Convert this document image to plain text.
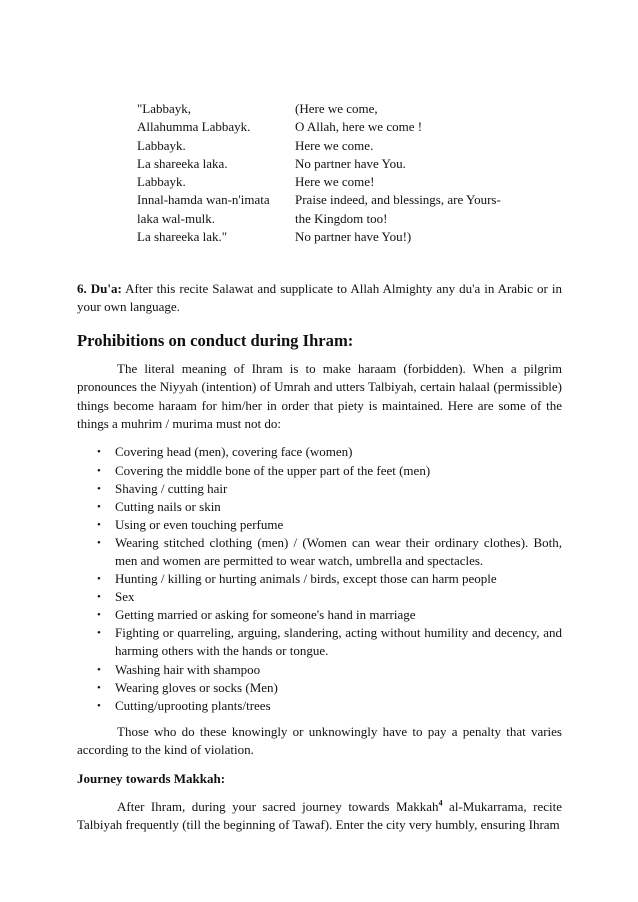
"Labbayk,	(Here we come,
Allahumma Labbayk.	O Allah, here we come !
Labbayk.	Here we come.
La shareeka laka.	No partner have You.
Labbayk.	Here we come!
Innal-hamda wan-n'imata	Praise indeed, and blessings, are Yours-
laka wal-mulk.	the Kingdom too!
La shareeka lak."	No partner have You!)

6. Du'a: After this recite Salawat and supplicate to Allah Almighty any du'a in Arabic or in your own language.

Prohibitions on conduct during Ihram:

The literal meaning of Ihram is to make haraam (forbidden). When a pilgrim pronounces the Niyyah (intention) of Umrah and utters Talbiyah, certain halaal (permissible) things become haraam for him/her in order that piety is maintained. Here are some of the things a muhrim / murima must not do:

• Covering head (men), covering face (women)
• Covering the middle bone of the upper part of the feet (men)
• Shaving / cutting hair
• Cutting nails or skin
• Using or even touching perfume
• Wearing stitched clothing (men) / (Women can wear their ordinary clothes). Both, men and women are permitted to wear watch, umbrella and spectacles.
• Hunting / killing or hurting animals / birds, except those can harm people
• Sex
• Getting married or asking for someone's hand in marriage
• Fighting or quarreling, arguing, slandering, acting without humility and decency, and harming others with the hands or tongue.
• Washing hair with shampoo
• Wearing gloves or socks (Men)
• Cutting/uprooting plants/trees

Those who do these knowingly or unknowingly have to pay a penalty that varies according to the kind of violation.

Journey towards Makkah:

After Ihram, during your sacred journey towards Makkah$^4$ al-Mukarrama, recite Talbiyah frequently (till the beginning of Tawaf). Enter the city very humbly, ensuring Ihram
